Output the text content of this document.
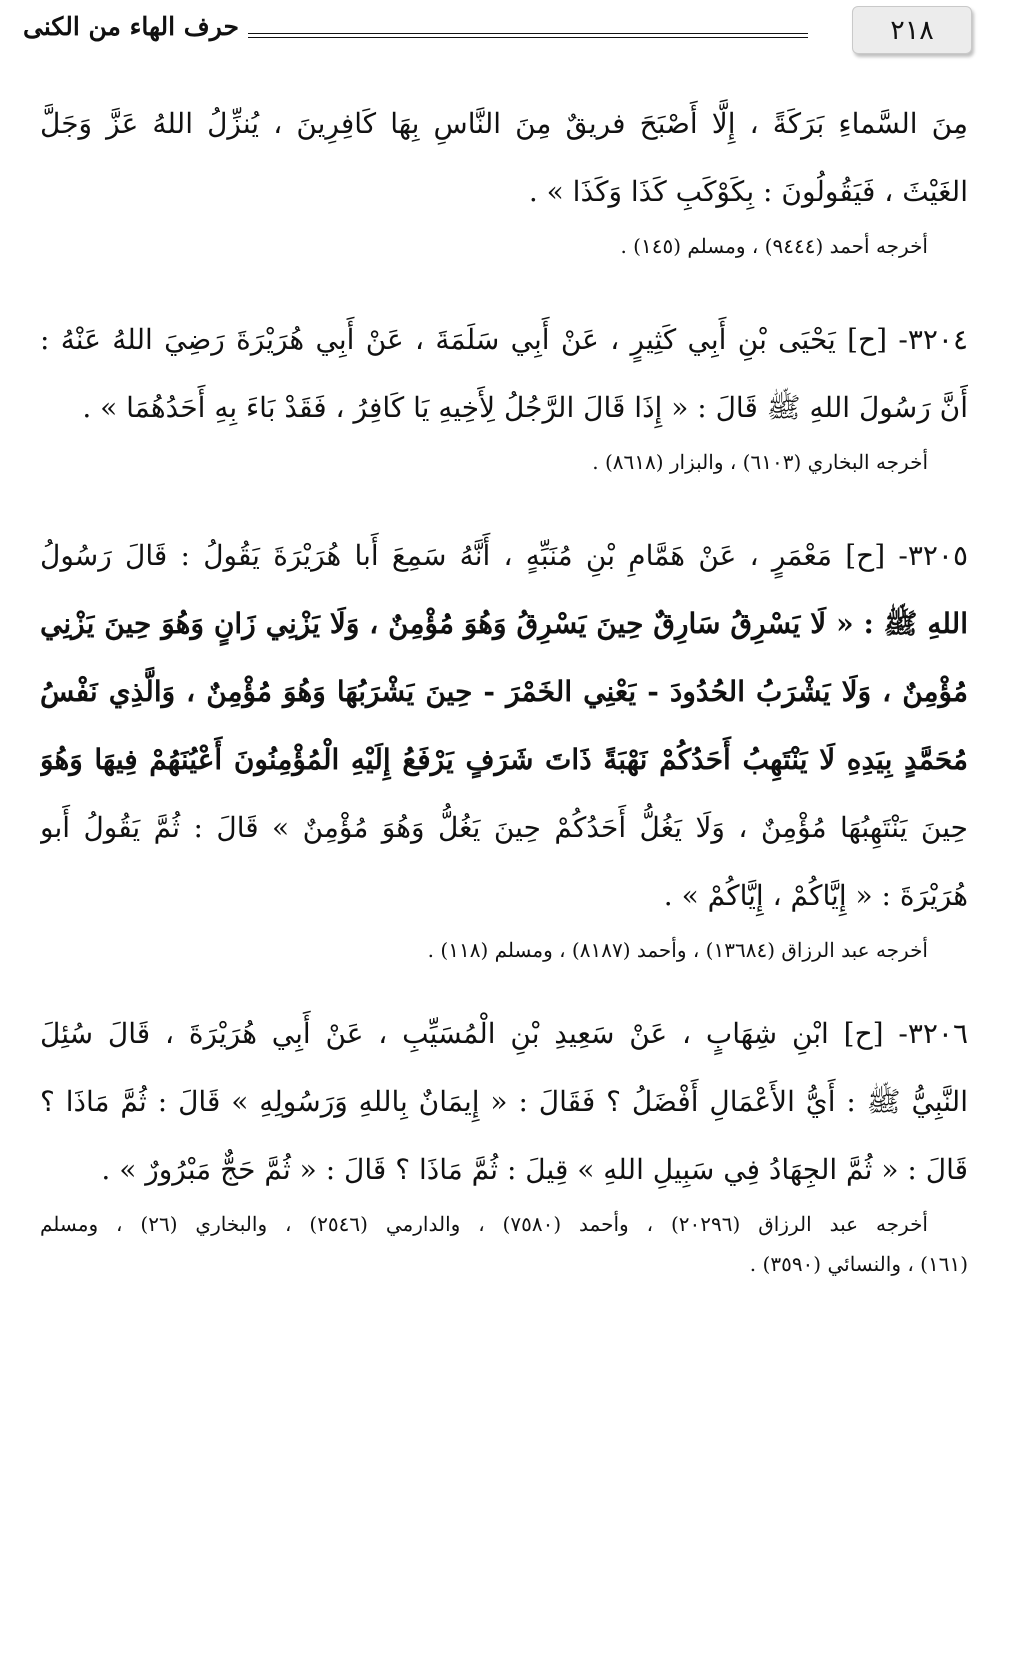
٢١٨
حرف الهاء من الكنى
مِنَ السَّماءِ بَرَكَةً ، إِلَّا أَصْبَحَ فريقٌ مِنَ النَّاسِ بِهَا كَافِرِينَ ، يُنزِّلُ اللهُ عَزَّ وَجَلَّ
الغَيْثَ ، فَيَقُولُونَ : بِكَوْكَبِ كَذَا وَكَذَا » .
أخرجه أحمد (٩٤٤٤) ، ومسلم (١٤٥) .
٣٢٠٤- [ح] يَحْيَى بْنِ أَبِي كَثِيرٍ ، عَنْ أَبِي سَلَمَةَ ، عَنْ أَبِي هُرَيْرَةَ رَضِيَ اللهُ عَنْهُ :
أَنَّ رَسُولَ اللهِ ﷺ قَالَ : « إِذَا قَالَ الرَّجُلُ لِأَخِيهِ يَا كَافِرُ ، فَقَدْ بَاءَ بِهِ أَحَدُهُمَا » .
أخرجه البخاري (٦١٠٣) ، والبزار (٨٦١٨) .
٣٢٠٥- [ح] مَعْمَرٍ ، عَنْ هَمَّامِ بْنِ مُنَبِّهٍ ، أَنَّهُ سَمِعَ أَبا هُرَيْرَةَ يَقُولُ : قَالَ رَسُولُ
اللهِ ﷺ : « لَا يَسْرِقُ سَارِقٌ حِينَ يَسْرِقُ وَهُوَ مُؤْمِنٌ ، وَلَا يَزْنِي زَانٍ وَهُوَ حِينَ يَزْنِي
مُؤْمِنٌ ، وَلَا يَشْرَبُ الحُدُودَ - يَعْنِي الخَمْرَ - حِينَ يَشْرَبُهَا وَهُوَ مُؤْمِنٌ ، وَالَّذِي نَفْسُ
مُحَمَّدٍ بِيَدِهِ لَا يَنْتَهِبُ أَحَدُكُمْ نَهْبَةً ذَاتَ شَرَفٍ يَرْفَعُ إِلَيْهِ الْمُؤْمِنُونَ أَعْيُنَهُمْ فِيهَا وَهُوَ
حِينَ يَنْتَهِبُهَا مُؤْمِنٌ ، وَلَا يَغُلُّ أَحَدُكُمْ حِينَ يَغُلُّ وَهُوَ مُؤْمِنٌ » قَالَ : ثُمَّ يَقُولُ أَبو
هُرَيْرَةَ : « إِيَّاكُمْ ، إِيَّاكُمْ » .
أخرجه عبد الرزاق (١٣٦٨٤) ، وأحمد (٨١٨٧) ، ومسلم (١١٨) .
٣٢٠٦- [ح] ابْنِ شِهَابٍ ، عَنْ سَعِيدِ بْنِ الْمُسَيِّبِ ، عَنْ أَبِي هُرَيْرَةَ ، قَالَ سُئِلَ
النَّبِيُّ ﷺ : أَيُّ الأَعْمَالِ أَفْضَلُ ؟ فَقَالَ : « إِيمَانٌ بِاللهِ وَرَسُولِهِ » قَالَ : ثُمَّ مَاذَا ؟
قَالَ : « ثُمَّ الجِهَادُ فِي سَبِيلِ اللهِ » قِيلَ : ثُمَّ مَاذَا ؟ قَالَ : « ثُمَّ حَجٌّ مَبْرُورٌ » .
أخرجه عبد الرزاق (٢٠٢٩٦) ، وأحمد (٧٥٨٠) ، والدارمي (٢٥٤٦) ، والبخاري (٢٦) ، ومسلم
(١٦١) ، والنسائي (٣٥٩٠) .
